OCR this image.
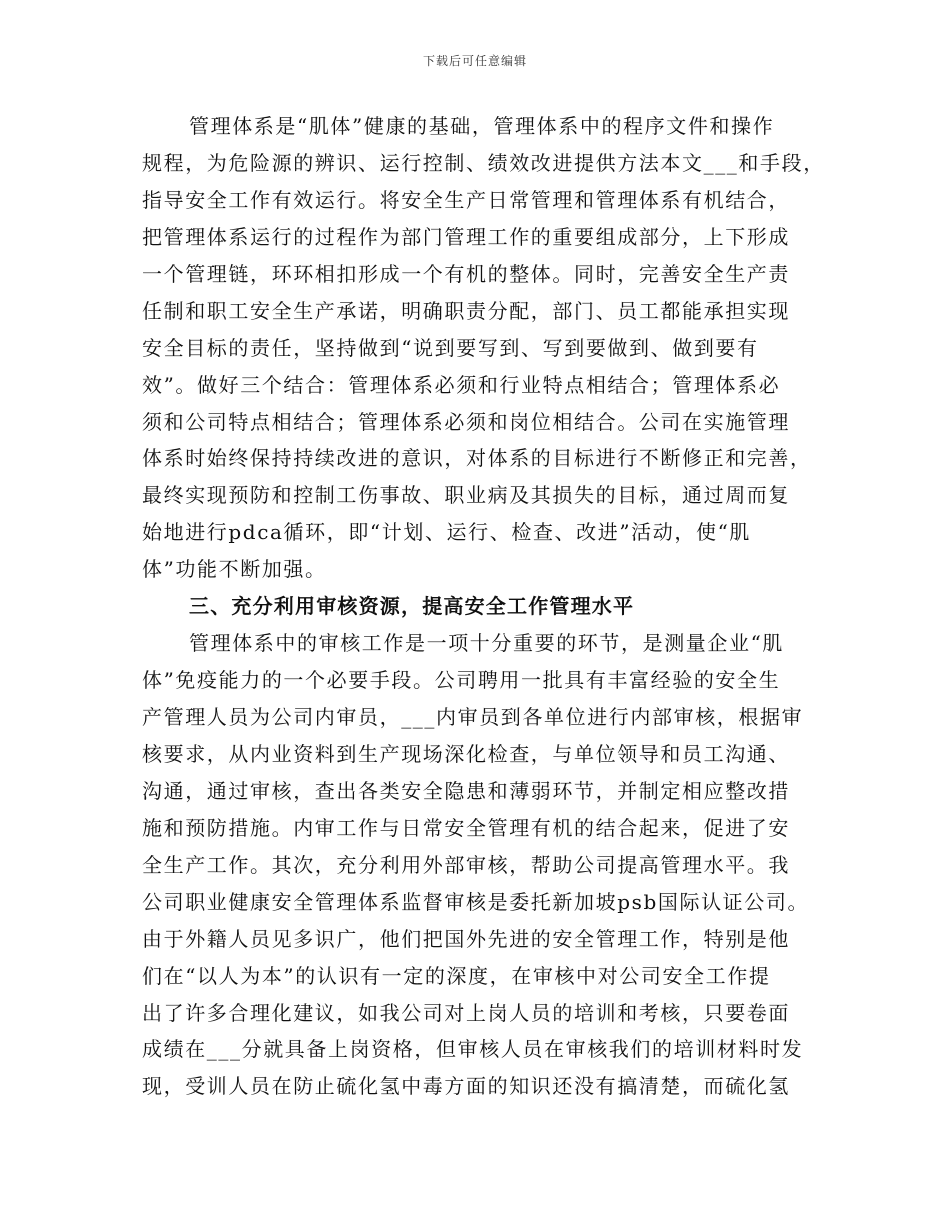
下载后可任意编辑
管理体系是“肌体”健康的基础，管理体系中的程序文件和操作
规程，为危险源的辨识、运行控制、绩效改进提供方法本文___和手段，
指导安全工作有效运行。将安全生产日常管理和管理体系有机结合，
把管理体系运行的过程作为部门管理工作的重要组成部分，上下形成
一个管理链，环环相扣形成一个有机的整体。同时，完善安全生产责
任制和职工安全生产承诺，明确职责分配，部门、员工都能承担实现
安全目标的责任，坚持做到“说到要写到、写到要做到、做到要有
效”。做好三个结合：管理体系必须和行业特点相结合；管理体系必
须和公司特点相结合；管理体系必须和岗位相结合。公司在实施管理
体系时始终保持持续改进的意识，对体系的目标进行不断修正和完善，
最终实现预防和控制工伤事故、职业病及其损失的目标，通过周而复
始地进行pdca循环，即“计划、运行、检查、改进”活动，使“肌
体”功能不断加强。
三、充分利用审核资源，提高安全工作管理水平
管理体系中的审核工作是一项十分重要的环节，是测量企业“肌
体”免疫能力的一个必要手段。公司聘用一批具有丰富经验的安全生
产管理人员为公司内审员，___内审员到各单位进行内部审核，根据审
核要求，从内业资料到生产现场深化检查，与单位领导和员工沟通、
沟通，通过审核，查出各类安全隐患和薄弱环节，并制定相应整改措
施和预防措施。内审工作与日常安全管理有机的结合起来，促进了安
全生产工作。其次，充分利用外部审核，帮助公司提高管理水平。我
公司职业健康安全管理体系监督审核是委托新加坡psb国际认证公司。
由于外籍人员见多识广，他们把国外先进的安全管理工作，特别是他
们在“以人为本”的认识有一定的深度，在审核中对公司安全工作提
出了许多合理化建议，如我公司对上岗人员的培训和考核，只要卷面
成绩在___分就具备上岗资格，但审核人员在审核我们的培训材料时发
现，受训人员在防止硫化氢中毒方面的知识还没有搞清楚，而硫化氢
